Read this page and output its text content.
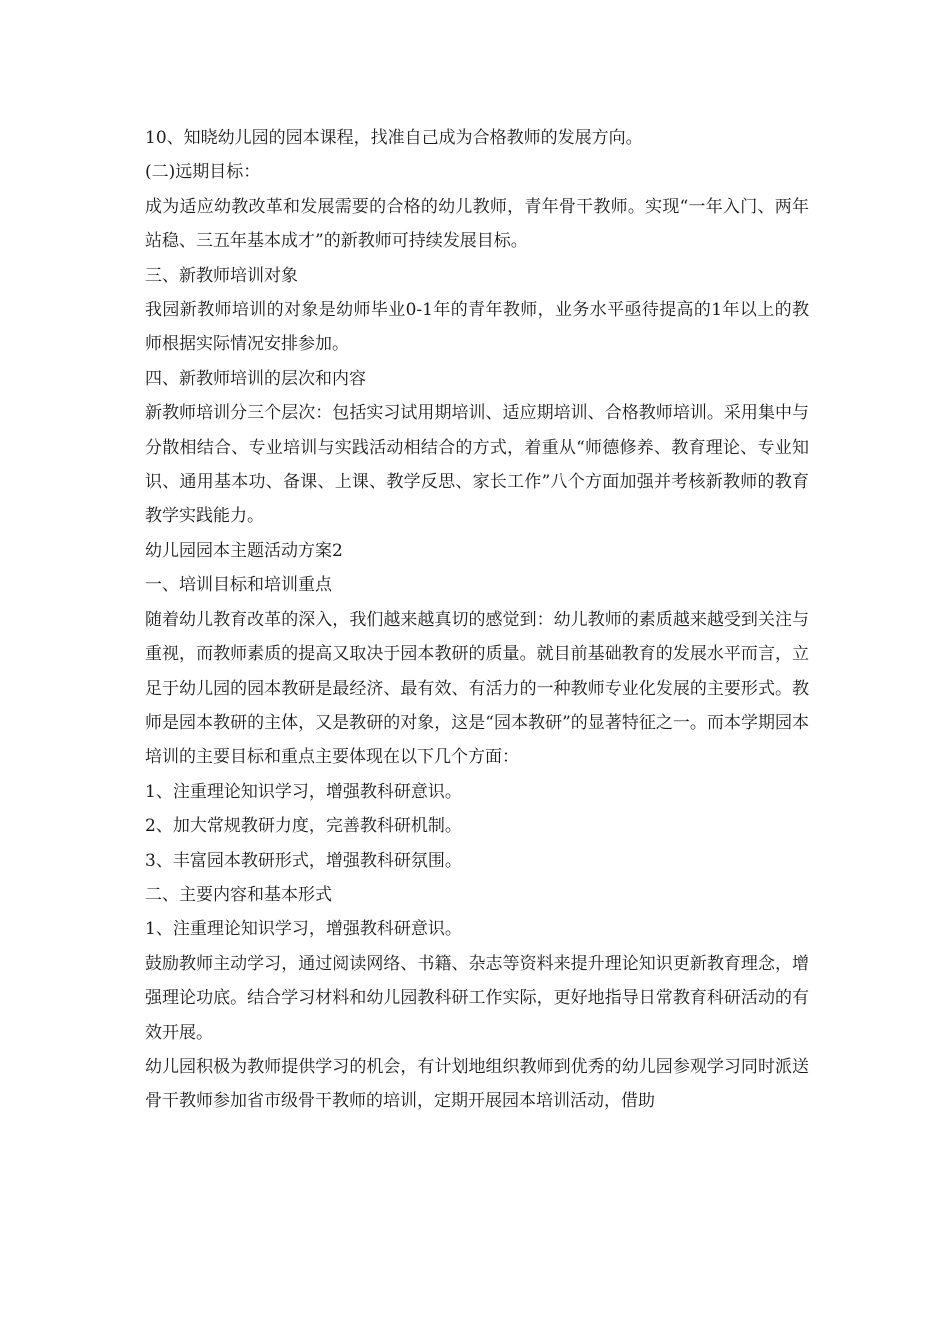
10、知晓幼儿园的园本课程，找准自己成为合格教师的发展方向。

(二)远期目标：

成为适应幼教改革和发展需要的合格的幼儿教师，青年骨干教师。实现“一年入门、两年站稳、三五年基本成才”的新教师可持续发展目标。

三、新教师培训对象

我园新教师培训的对象是幼师毕业0-1年的青年教师，业务水平亟待提高的1年以上的教师根据实际情况安排参加。

四、新教师培训的层次和内容

新教师培训分三个层次：包括实习试用期培训、适应期培训、合格教师培训。采用集中与分散相结合、专业培训与实践活动相结合的方式，着重从“师德修养、教育理论、专业知识、通用基本功、备课、上课、教学反思、家长工作”八个方面加强并考核新教师的教育教学实践能力。

幼儿园园本主题活动方案2

一、培训目标和培训重点

随着幼儿教育改革的深入，我们越来越真切的感觉到：幼儿教师的素质越来越受到关注与重视，而教师素质的提高又取决于园本教研的质量。就目前基础教育的发展水平而言，立足于幼儿园的园本教研是最经济、最有效、有活力的一种教师专业化发展的主要形式。教师是园本教研的主体，又是教研的对象，这是“园本教研”的显著特征之一。而本学期园本培训的主要目标和重点主要体现在以下几个方面：

1、注重理论知识学习，增强教科研意识。

2、加大常规教研力度，完善教科研机制。

3、丰富园本教研形式，增强教科研氛围。

二、主要内容和基本形式

1、注重理论知识学习，增强教科研意识。

鼓励教师主动学习，通过阅读网络、书籍、杂志等资料来提升理论知识更新教育理念，增强理论功底。结合学习材料和幼儿园教科研工作实际，更好地指导日常教育科研活动的有效开展。

幼儿园积极为教师提供学习的机会，有计划地组织教师到优秀的幼儿园参观学习同时派送骨干教师参加省市级骨干教师的培训，定期开展园本培训活动，借助
